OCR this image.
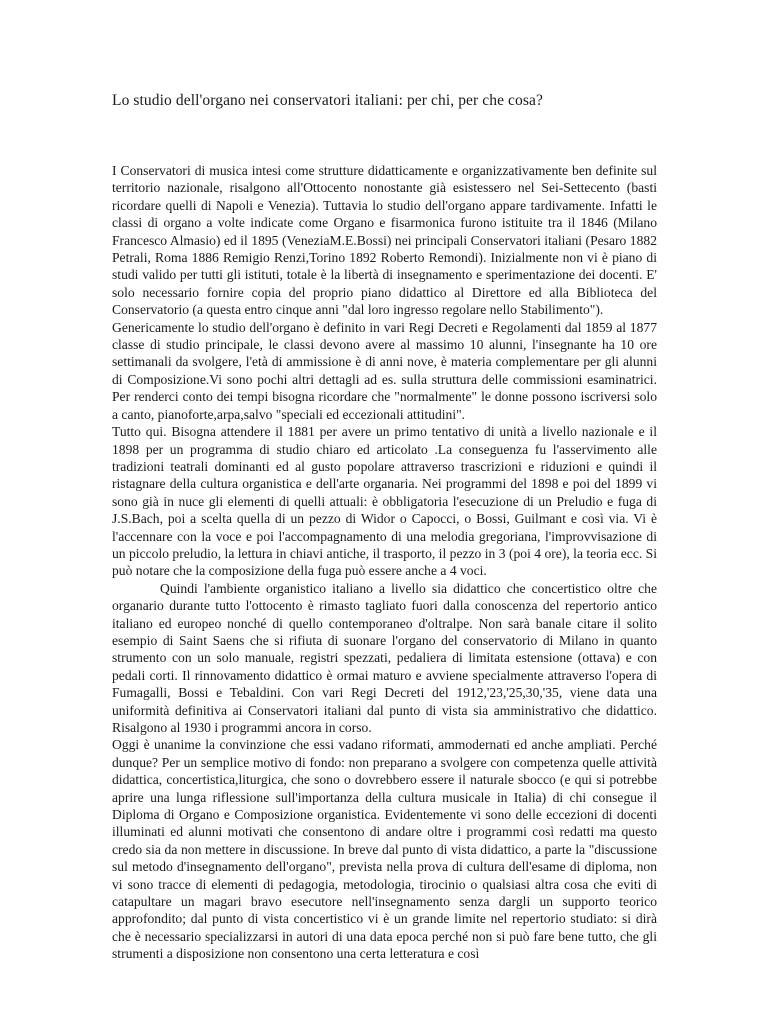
Lo studio dell'organo nei conservatori italiani: per chi, per che cosa?

I Conservatori di musica intesi come strutture didatticamente e organizzativamente ben definite sul territorio nazionale, risalgono all'Ottocento nonostante già esistessero nel Sei-Settecento (basti ricordare quelli di Napoli e Venezia). Tuttavia lo studio dell'organo appare tardivamente. Infatti le classi di organo a volte indicate come Organo e fisarmonica furono istituite tra il 1846 (Milano Francesco Almasio) ed il 1895 (VeneziaM.E.Bossi) nei principali Conservatori italiani (Pesaro 1882 Petrali, Roma 1886 Remigio Renzi,Torino 1892 Roberto Remondi). Inizialmente non vi è piano di studi valido per tutti gli istituti, totale è la libertà di insegnamento e sperimentazione dei docenti. E' solo necessario fornire copia del proprio piano didattico al Direttore ed alla Biblioteca del Conservatorio (a questa entro cinque anni "dal loro ingresso regolare nello Stabilimento").

Genericamente lo studio dell'organo è definito in vari Regi Decreti e Regolamenti dal 1859 al 1877 classe di studio principale, le classi devono avere al massimo 10 alunni, l'insegnante ha 10 ore settimanali da svolgere, l'età di ammissione è di anni nove, è materia complementare per gli alunni di Composizione.Vi sono pochi altri dettagli ad es. sulla struttura delle commissioni esaminatrici. Per renderci conto dei tempi bisogna ricordare che "normalmente" le donne possono iscriversi solo a canto, pianoforte,arpa,salvo "speciali ed eccezionali attitudini".

Tutto qui. Bisogna attendere il 1881 per avere un primo tentativo di unità a livello nazionale e il 1898 per un programma di studio chiaro ed articolato .La conseguenza fu l'asservimento alle tradizioni teatrali dominanti ed al gusto popolare attraverso trascrizioni e riduzioni e quindi il ristagnare della cultura organistica e dell'arte organaria. Nei programmi del 1898 e poi del 1899 vi sono già in nuce gli elementi di quelli attuali: è obbligatoria l'esecuzione di un Preludio e fuga di J.S.Bach, poi a scelta quella di un pezzo di Widor o Capocci, o Bossi, Guilmant e così via. Vi è l'accennare con la voce e poi l'accompagnamento di una melodia gregoriana, l'improvvisazione di un piccolo preludio, la lettura in chiavi antiche, il trasporto, il pezzo in 3 (poi 4 ore), la teoria ecc. Si può notare che la composizione della fuga può essere anche a 4 voci.

Quindi l'ambiente organistico italiano a livello sia didattico che concertistico oltre che organario durante tutto l'ottocento è rimasto tagliato fuori dalla conoscenza del repertorio antico italiano ed europeo nonché di quello contemporaneo d'oltralpe. Non sarà banale citare il solito esempio di Saint Saens che si rifiuta di suonare l'organo del conservatorio di Milano in quanto strumento con un solo manuale, registri spezzati, pedaliera di limitata estensione (ottava) e con pedali corti. Il rinnovamento didattico è ormai maturo e avviene specialmente attraverso l'opera di Fumagalli, Bossi e Tebaldini. Con vari Regi Decreti del 1912,'23,'25,30,'35, viene data una uniformità definitiva ai Conservatori italiani dal punto di vista sia amministrativo che didattico. Risalgono al 1930 i programmi ancora in corso.

Oggi è unanime la convinzione che essi vadano riformati, ammodernati ed anche ampliati. Perché dunque? Per un semplice motivo di fondo: non preparano a svolgere con competenza quelle attività didattica, concertistica,liturgica, che sono o dovrebbero essere il naturale sbocco (e qui si potrebbe aprire una lunga riflessione sull'importanza della cultura musicale in Italia) di chi consegue il Diploma di Organo e Composizione organistica. Evidentemente vi sono delle eccezioni di docenti illuminati ed alunni motivati che consentono di andare oltre i programmi così redatti ma questo credo sia da non mettere in discussione. In breve dal punto di vista didattico, a parte la "discussione sul metodo d'insegnamento dell'organo", prevista nella prova di cultura dell'esame di diploma, non vi sono tracce di elementi di pedagogia, metodologia, tirocinio o qualsiasi altra cosa che eviti di catapultare un magari bravo esecutore nell'insegnamento senza dargli un supporto teorico approfondito; dal punto di vista concertistico vi è un grande limite nel repertorio studiato: si dirà che è necessario specializzarsi in autori di una data epoca perché non si può fare bene tutto, che gli strumenti a disposizione non consentono una certa letteratura e così
